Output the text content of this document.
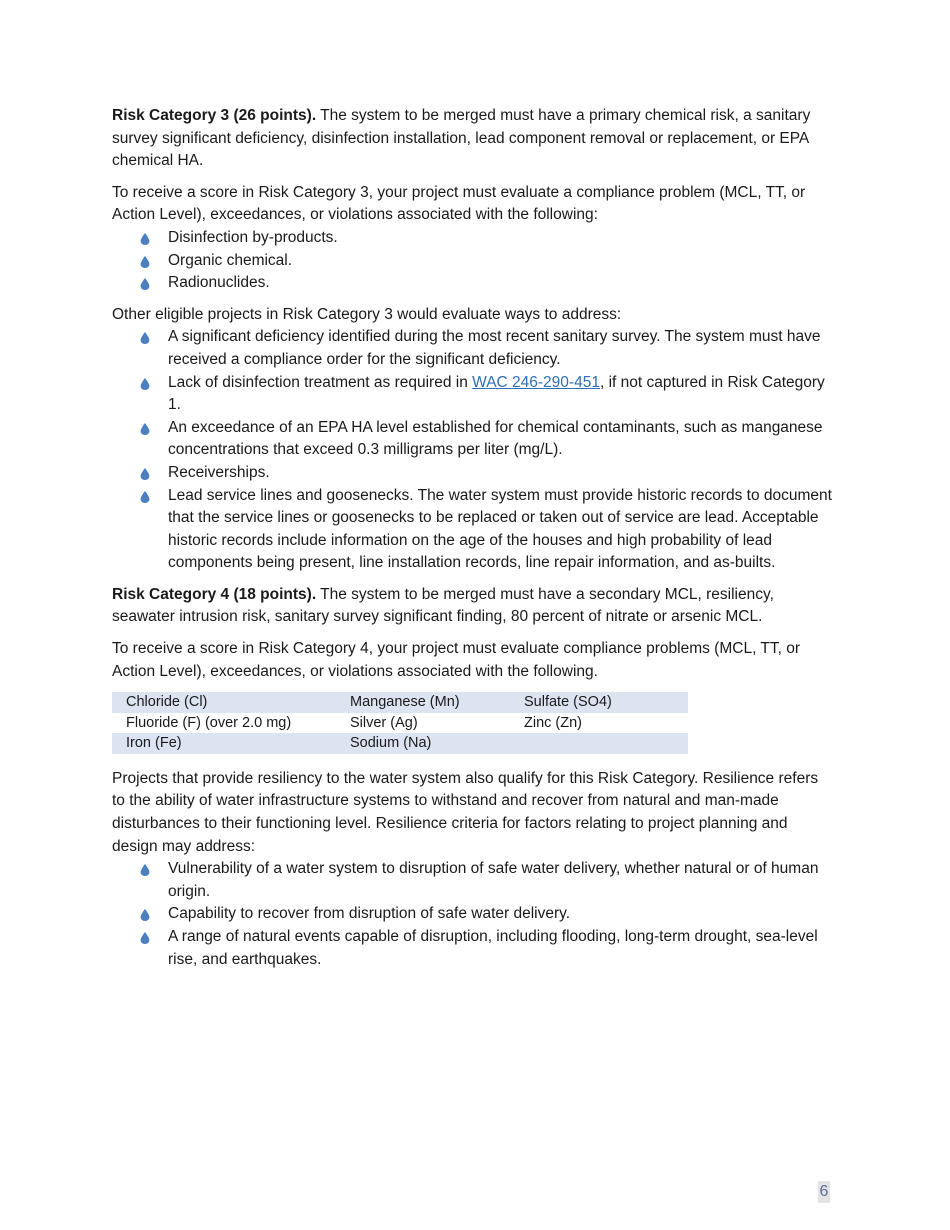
Risk Category 3 (26 points). The system to be merged must have a primary chemical risk, a sanitary survey significant deficiency, disinfection installation, lead component removal or replacement, or EPA chemical HA.

To receive a score in Risk Category 3, your project must evaluate a compliance problem (MCL, TT, or Action Level), exceedances, or violations associated with the following:

Disinfection by-products.
Organic chemical.
Radionuclides.

Other eligible projects in Risk Category 3 would evaluate ways to address:

A significant deficiency identified during the most recent sanitary survey. The system must have received a compliance order for the significant deficiency.
Lack of disinfection treatment as required in WAC 246-290-451, if not captured in Risk Category 1.
An exceedance of an EPA HA level established for chemical contaminants, such as manganese concentrations that exceed 0.3 milligrams per liter (mg/L).
Receiverships.
Lead service lines and goosenecks. The water system must provide historic records to document that the service lines or goosenecks to be replaced or taken out of service are lead. Acceptable historic records include information on the age of the houses and high probability of lead components being present, line installation records, line repair information, and as-builts.

Risk Category 4 (18 points). The system to be merged must have a secondary MCL, resiliency, seawater intrusion risk, sanitary survey significant finding, 80 percent of nitrate or arsenic MCL.

To receive a score in Risk Category 4, your project must evaluate compliance problems (MCL, TT, or Action Level), exceedances, or violations associated with the following.

Chloride (Cl)	Manganese (Mn)	Sulfate (SO4)
Fluoride (F) (over 2.0 mg)	Silver (Ag)	Zinc (Zn)
Iron (Fe)	Sodium (Na)	

Projects that provide resiliency to the water system also qualify for this Risk Category. Resilience refers to the ability of water infrastructure systems to withstand and recover from natural and man-made disturbances to their functioning level. Resilience criteria for factors relating to project planning and design may address:

Vulnerability of a water system to disruption of safe water delivery, whether natural or of human origin.
Capability to recover from disruption of safe water delivery.
A range of natural events capable of disruption, including flooding, long-term drought, sea-level rise, and earthquakes.
6
